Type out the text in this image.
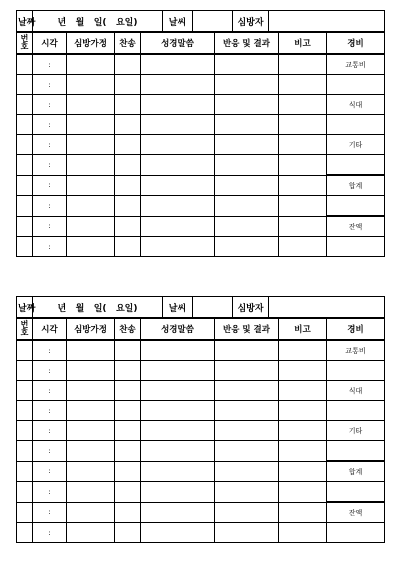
날짜	년   월   일(   요일)	날씨		심방자	
번호	시각	심방가정	찬송	성경말씀	반응 및 결과	비고	경비
	:						교통비
	:						
	:						식대
	:						
	:						기타
	:						
	:						합계
	:						
	:						잔액
	:						
날짜	년   월   일(   요일)	날씨		심방자	
번호	시각	심방가정	찬송	성경말씀	반응 및 결과	비고	경비
	:						교통비
	:						
	:						식대
	:						
	:						기타
	:						
	:						합계
	:						
	:						잔액
	:						
